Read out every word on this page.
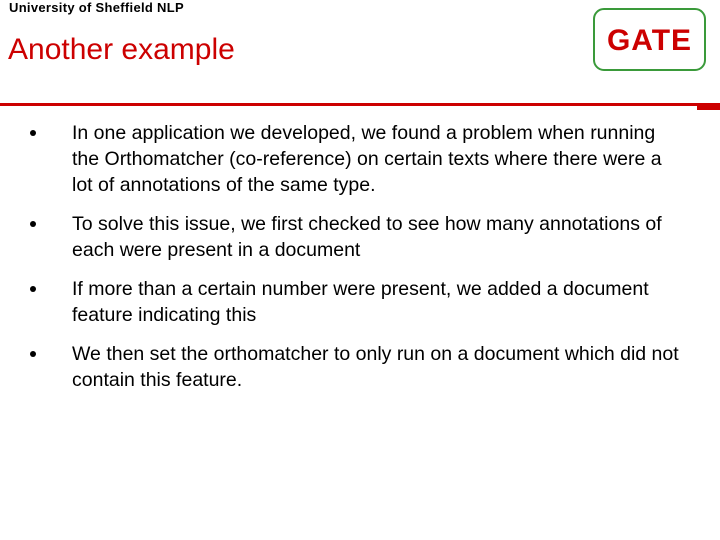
University of Sheffield NLP
Another example	GATE
In one application we developed, we found a problem when running the Orthomatcher (co-reference) on certain texts where there were a lot of annotations of the same type.
To solve this issue, we first checked to see how many annotations of each were present in a document
If more than a certain number were present, we added a document feature indicating this
We then set the orthomatcher to only run on a document which did not contain this feature.
